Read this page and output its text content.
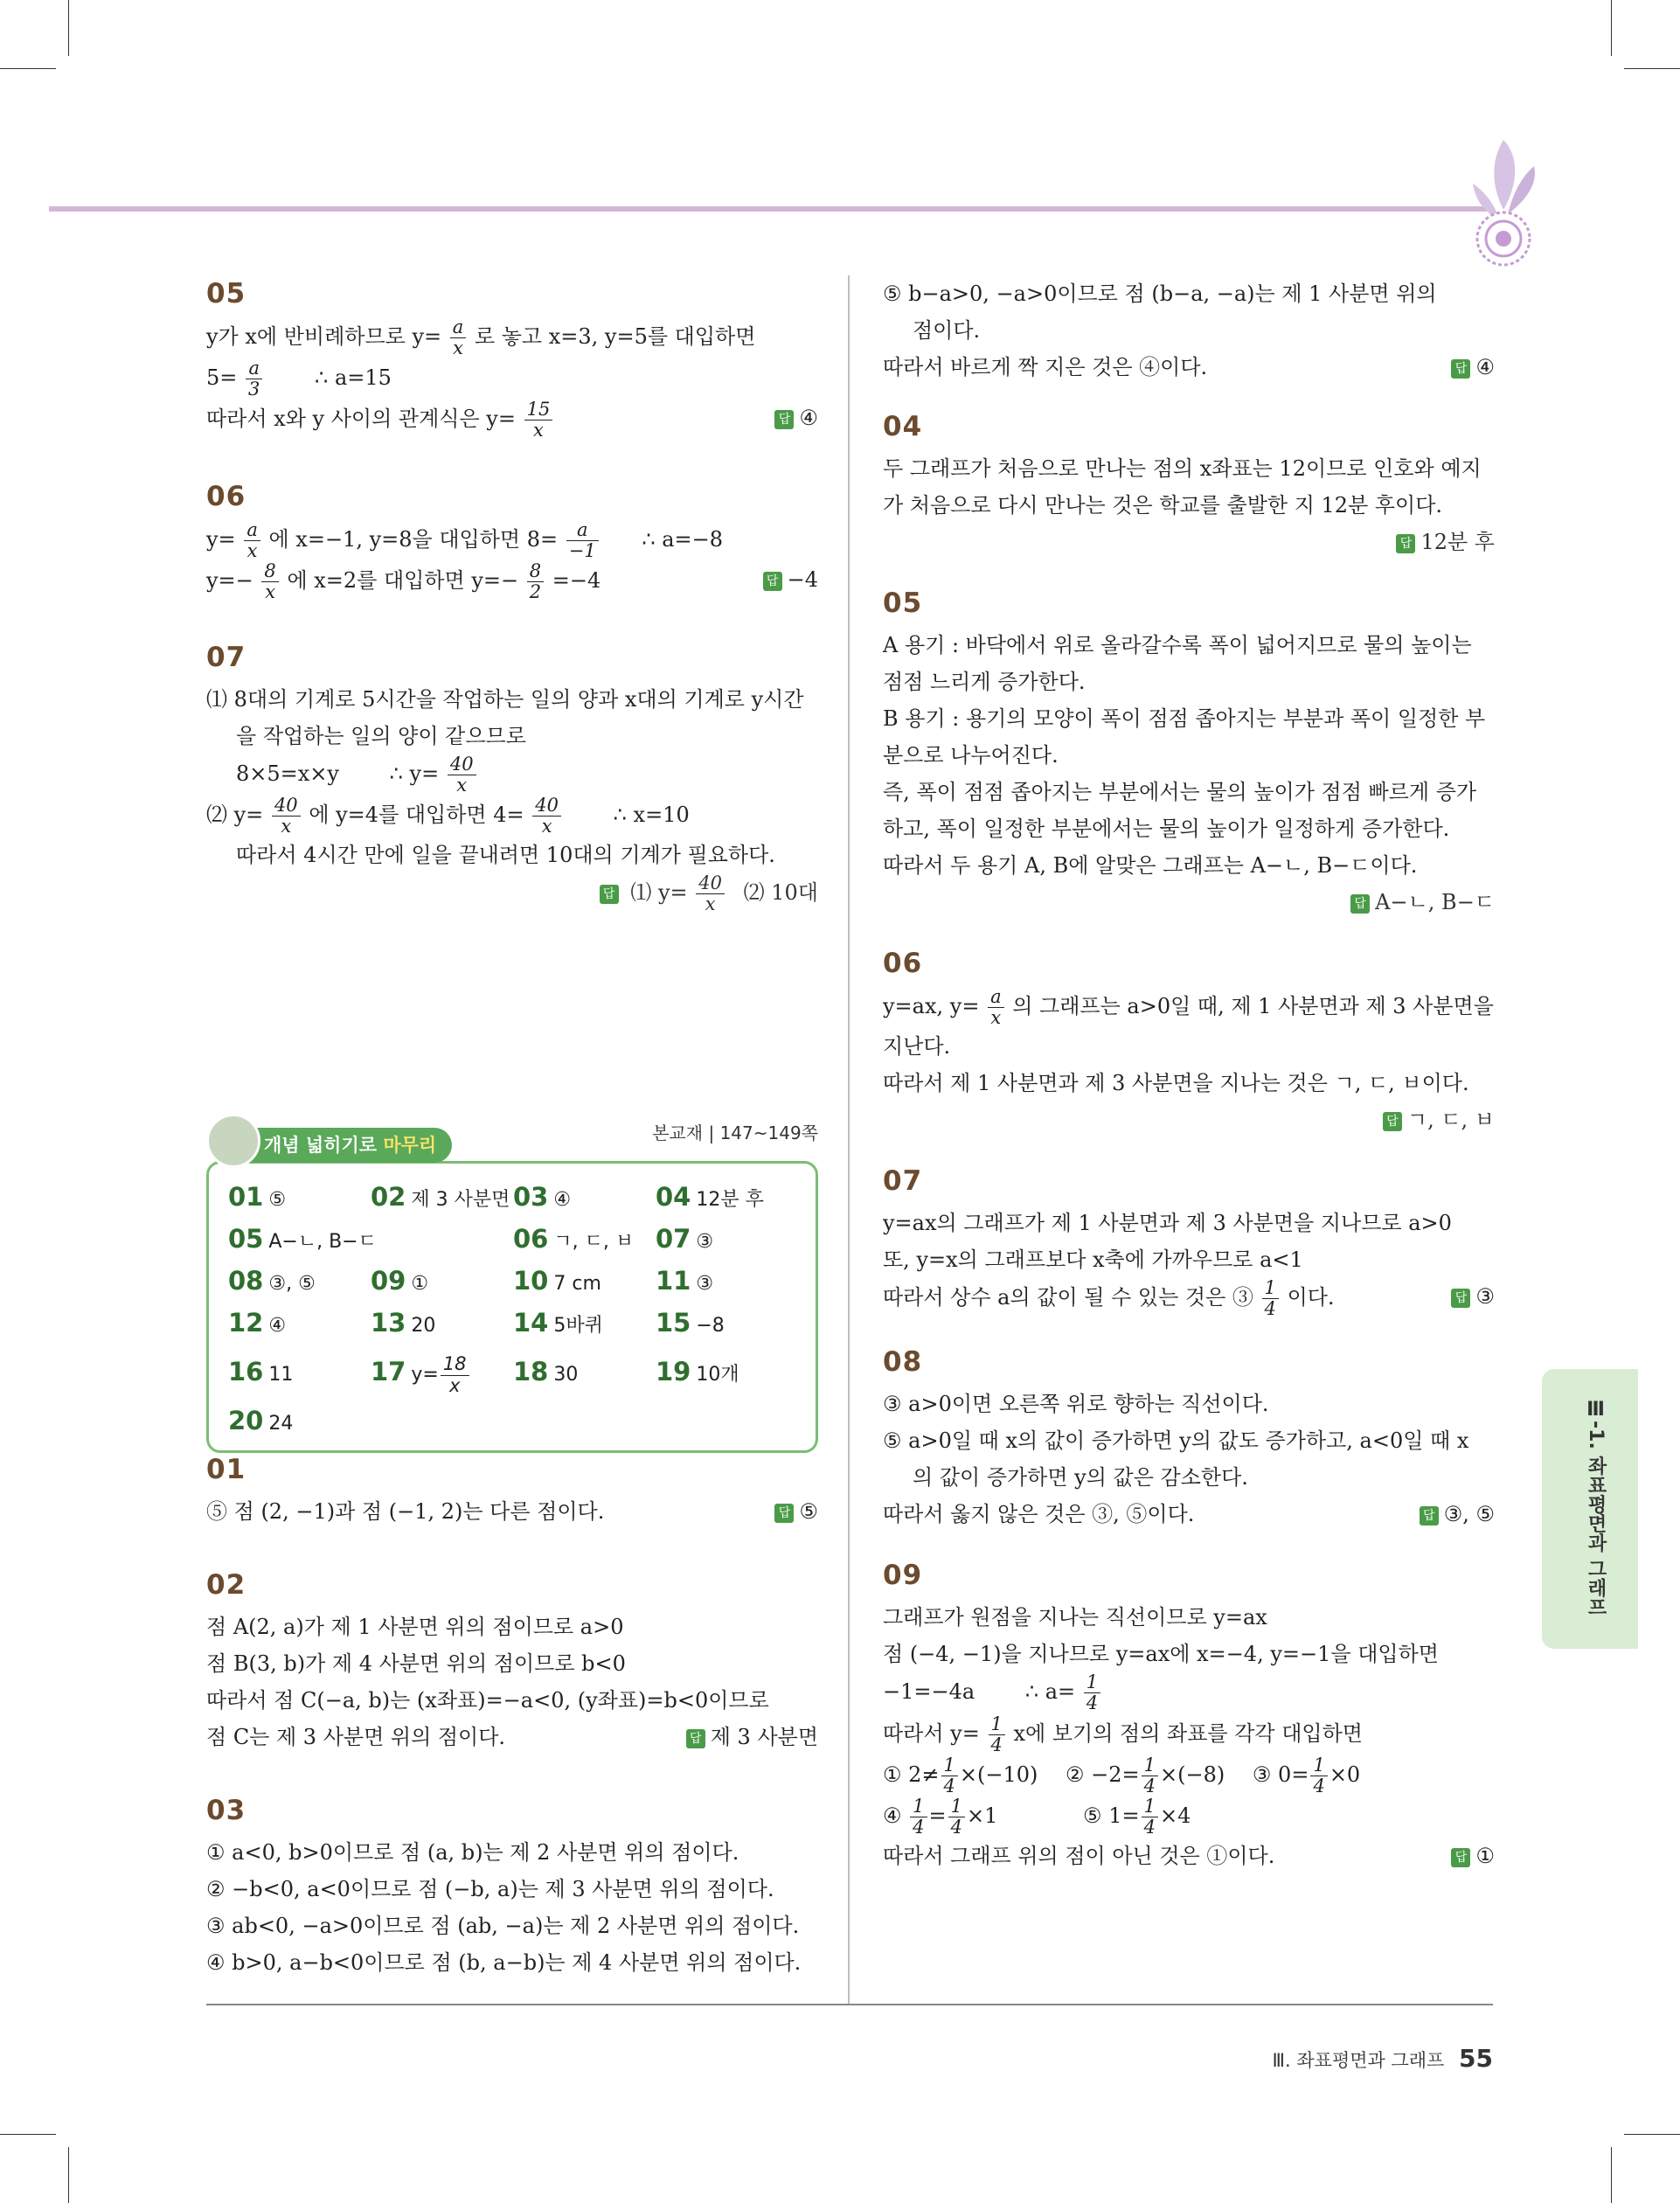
05
y가 x에 반비례하므로 $y= \frac{a}{x}$ 로 놓고 x=3, y=5를 대입하면
$5= \frac{a}{3}$ ∴ a=15
따라서 x와 y 사이의 관계식은 $y= \frac{15}{x}$	답 ④
06
$y= \frac{a}{x}$ 에 x=−1, y=8을 대입하면 $8= \frac{a}{-1}$ ∴ a=−8
$y=- \frac{8}{x}$ 에 x=2를 대입하면 $y=- \frac{8}{2} =-4$	답 −4
07
⑴ 8대의 기계로 5시간을 작업하는 일의 양과 x대의 기계로 y시간
을 작업하는 일의 양이 같으므로
8×5=x×y ∴ $y= \frac{40}{x}$
⑵ $y= \frac{40}{x}$ 에 y=4를 대입하면 $4= \frac{40}{x}$ ∴ x=10
따라서 4시간 만에 일을 끝내려면 10대의 기계가 필요하다.
답 ⑴ $y= \frac{40}{x}$ ⑵ 10대
개념 넓히기로 마무리
본교재 | 147~149쪽
01 ⑤	02 제 3 사분면 03 ④	04 12분 후
05 A−ㄴ, B−ㄷ	06 ㄱ, ㄷ, ㅂ 07 ③
08 ③, ⑤	09 ①	10 7 cm	11 ③
12 ④	13 20	14 5바퀴	15 −8
16 11	17 $y= \frac{18}{x} 18$ 30	19 10개
20 24
01
⑤ 점 (2, −1)과 점 (−1, 2)는 다른 점이다.	답 ⑤
02
점 A(2, a)가 제 1 사분면 위의 점이므로 a>0
점 B(3, b)가 제 4 사분면 위의 점이므로 b<0
따라서 점 C(−a, b)는 (x좌표)=−a<0, (y좌표)=b<0이므로
점 C는 제 3 사분면 위의 점이다.	답 제 3 사분면
03
① a<0, b>0이므로 점 (a, b)는 제 2 사분면 위의 점이다.
② −b<0, a<0이므로 점 (−b, a)는 제 3 사분면 위의 점이다.
③ ab<0, −a>0이므로 점 (ab, −a)는 제 2 사분면 위의 점이다.
④ b>0, a−b<0이므로 점 (b, a−b)는 제 4 사분면 위의 점이다.
⑤ b−a>0, −a>0이므로 점 (b−a, −a)는 제 1 사분면 위의
점이다.
따라서 바르게 짝 지은 것은 ④이다.	답 ④
04
두 그래프가 처음으로 만나는 점의 x좌표는 12이므로 인호와 예지
가 처음으로 다시 만나는 것은 학교를 출발한 지 12분 후이다.
답 12분 후
05
A 용기 : 바닥에서 위로 올라갈수록 폭이 넓어지므로 물의 높이는
점점 느리게 증가한다.
B 용기 : 용기의 모양이 폭이 점점 좁아지는 부분과 폭이 일정한 부
분으로 나누어진다.
즉, 폭이 점점 좁아지는 부분에서는 물의 높이가 점점 빠르게 증가
하고, 폭이 일정한 부분에서는 물의 높이가 일정하게 증가한다.
따라서 두 용기 A, B에 알맞은 그래프는 A−ㄴ, B−ㄷ이다.
답 A−ㄴ, B−ㄷ
06
y=ax, $y= \frac{a}{x}$ 의 그래프는 a>0일 때, 제 1 사분면과 제 3 사분면을
지난다.
따라서 제 1 사분면과 제 3 사분면을 지나는 것은 ㄱ, ㄷ, ㅂ이다.
답 ㄱ, ㄷ, ㅂ
07
y=ax의 그래프가 제 1 사분면과 제 3 사분면을 지나므로 a>0
또, y=x의 그래프보다 x축에 가까우므로 a<1
따라서 상수 a의 값이 될 수 있는 것은 ③ $\frac{1}{4}$ 이다.	답 ③
08
③ a>0이면 오른쪽 위로 향하는 직선이다.
⑤ a>0일 때 x의 값이 증가하면 y의 값도 증가하고, a<0일 때 x
의 값이 증가하면 y의 값은 감소한다.
따라서 옳지 않은 것은 ③, ⑤이다.	답 ③, ⑤
09
그래프가 원점을 지나는 직선이므로 y=ax
점 (−4, −1)을 지나므로 y=ax에 x=−4, y=−1을 대입하면
−1=−4a ∴ $a= \frac{1}{4}$
따라서 $y= \frac{1}{4}$ x에 보기의 점의 좌표를 각각 대입하면
① $2\ne \frac{1}{4} \times(-10)$ ② $-2= \frac{1}{4} \times(-8)$ ③ $0= \frac{1}{4} \times 0$
④ $\frac{1}{4} = \frac{1}{4} \times 1$	⑤ $1= \frac{1}{4} \times 4$
따라서 그래프 위의 점이 아닌 것은 ①이다.	답 ①
Ⅲ-1. 좌표평면과 그래프
Ⅲ. 좌표평면과 그래프 55
